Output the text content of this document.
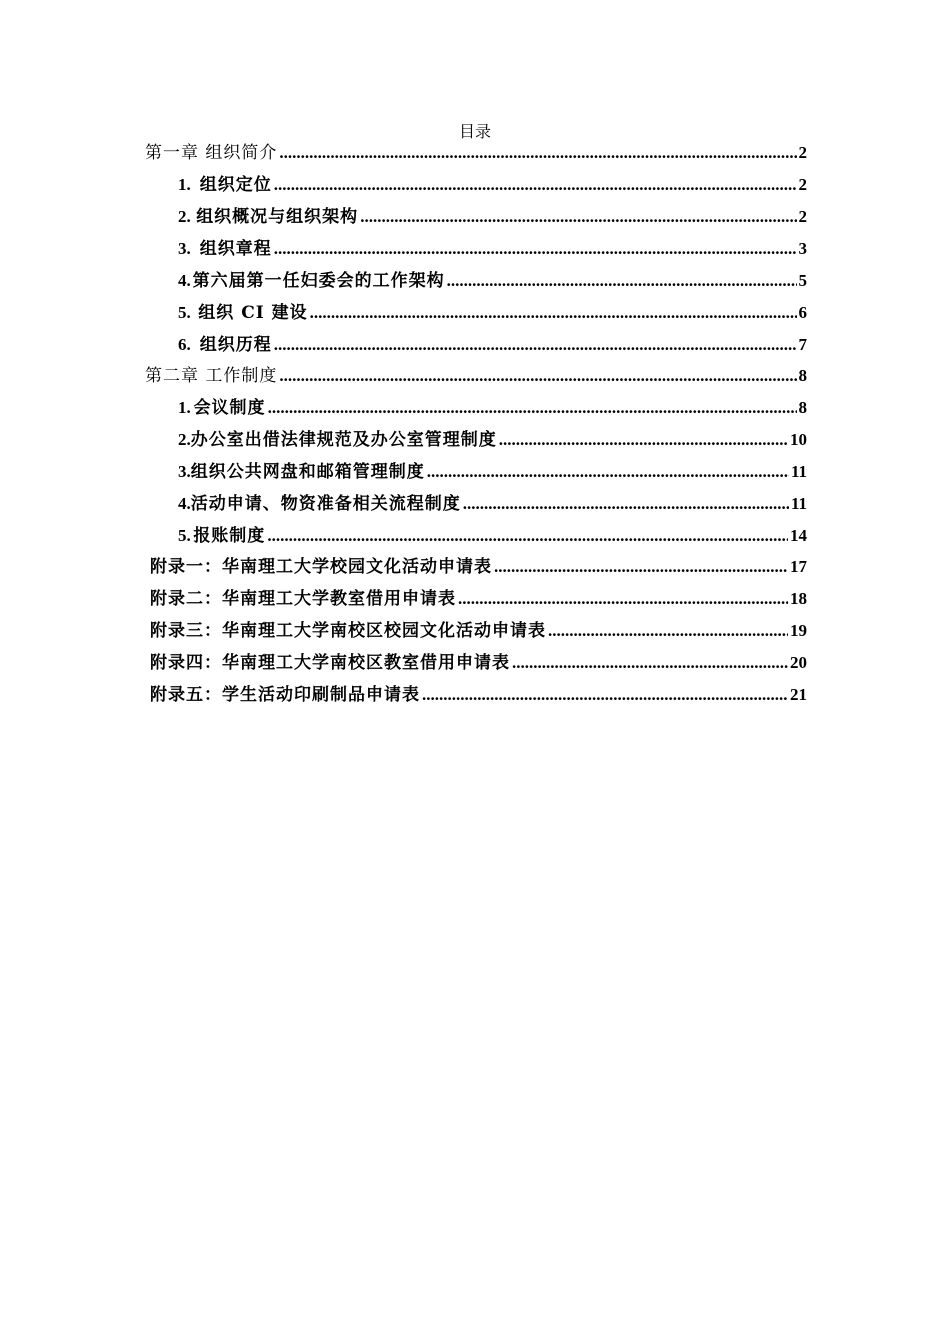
目录
第一章 组织简介 .....	2
1. 组织定位 .....	2
2. 组织概况与组织架构 .....	2
3. 组织章程 .....	3
4. 第六届第一任妇委会的工作架构 .....	5
5. 组织 CI 建设 .....	6
6. 组织历程 .....	7
第二章 工作制度 .....	8
1. 会议制度 .....	8
2. 办公室出借法律规范及办公室管理制度 .....	10
3. 组织公共网盘和邮箱管理制度 .....	11
4. 活动申请、物资准备相关流程制度 .....	11
5. 报账制度 .....	14
附录一：华南理工大学校园文化活动申请表 .....	17
附录二：华南理工大学教室借用申请表 .....	18
附录三：华南理工大学南校区校园文化活动申请表 .....	19
附录四：华南理工大学南校区教室借用申请表 .....	20
附录五：学生活动印刷制品申请表 .....	21
